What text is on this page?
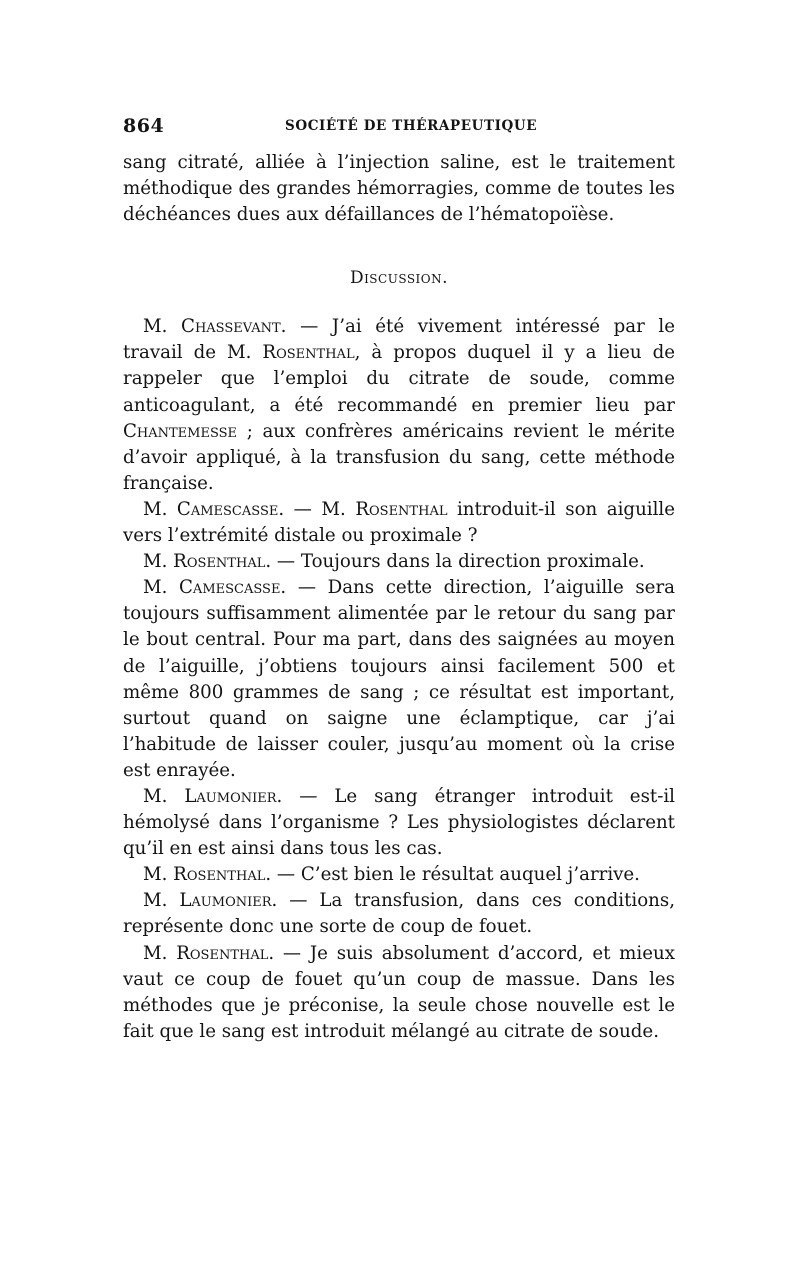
864	SOCIÉTÉ DE THÉRAPEUTIQUE

sang citraté, alliée à l’injection saline, est le traitement méthodique des grandes hémorragies, comme de toutes les déchéances dues aux défaillances de l’hématopoïèse.

Discussion.

M. Chassevant. — J’ai été vivement intéressé par le travail de M. Rosenthal, à propos duquel il y a lieu de rappeler que l’emploi du citrate de soude, comme anticoagulant, a été recommandé en premier lieu par Chantemesse ; aux confrères américains revient le mérite d’avoir appliqué, à la transfusion du sang, cette méthode française.

M. Camescasse. — M. Rosenthal introduit-il son aiguille vers l’extrémité distale ou proximale ?

M. Rosenthal. — Toujours dans la direction proximale.

M. Camescasse. — Dans cette direction, l’aiguille sera toujours suffisamment alimentée par le retour du sang par le bout central. Pour ma part, dans des saignées au moyen de l’aiguille, j’obtiens toujours ainsi facilement 500 et même 800 grammes de sang ; ce résultat est important, surtout quand on saigne une éclamptique, car j’ai l’habitude de laisser couler, jusqu’au moment où la crise est enrayée.

M. Laumonier. — Le sang étranger introduit est-il hémolysé dans l’organisme ? Les physiologistes déclarent qu’il en est ainsi dans tous les cas.

M. Rosenthal. — C’est bien le résultat auquel j’arrive.

M. Laumonier. — La transfusion, dans ces conditions, représente donc une sorte de coup de fouet.

M. Rosenthal. — Je suis absolument d’accord, et mieux vaut ce coup de fouet qu’un coup de massue. Dans les méthodes que je préconise, la seule chose nouvelle est le fait que le sang est introduit mélangé au citrate de soude.
